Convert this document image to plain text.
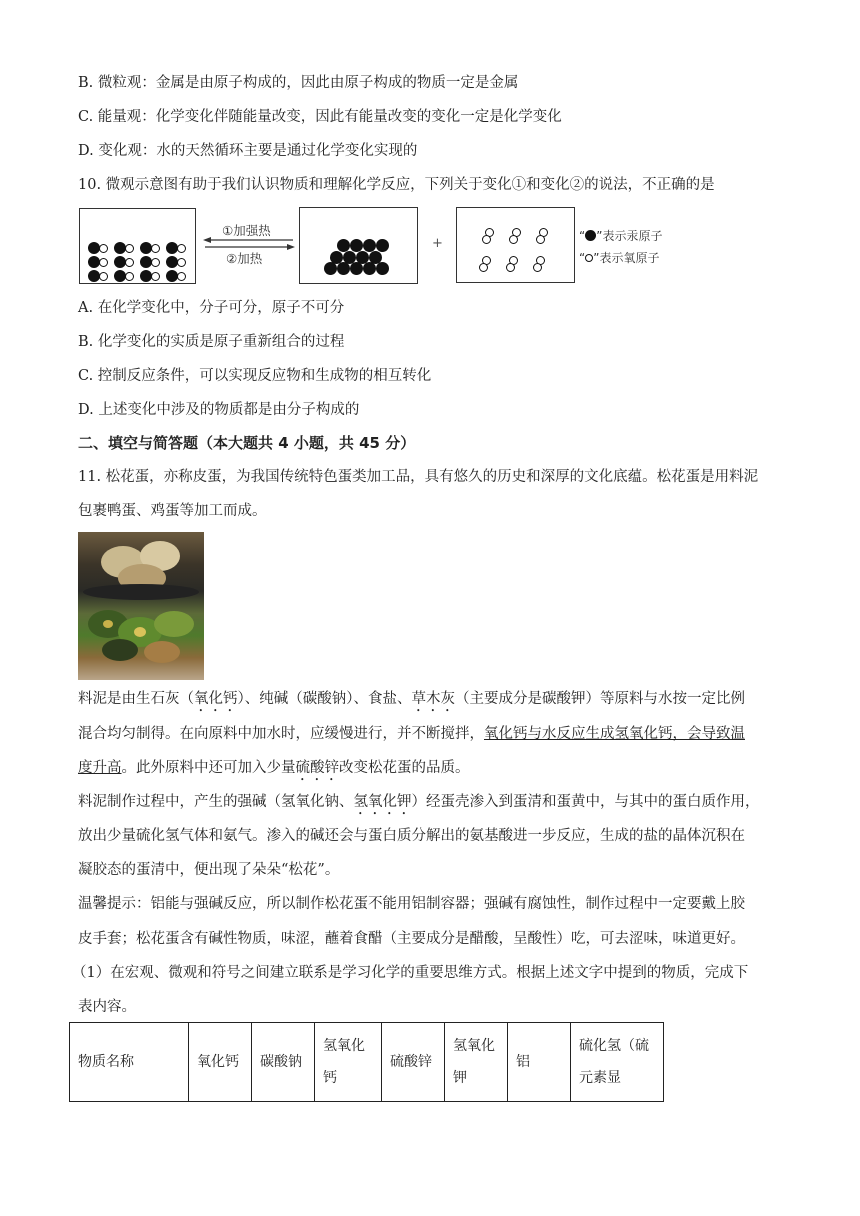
B. 微粒观：金属是由原子构成的，因此由原子构成的物质一定是金属
C. 能量观：化学变化伴随能量改变，因此有能量改变的变化一定是化学变化
D. 变化观：水的天然循环主要是通过化学变化实现的
10. 微观示意图有助于我们认识物质和理解化学反应，下列关于变化①和变化②的说法，不正确的是
①加强热
②加热
+	“ ”表示汞原子
“ ”表示氧原子
A. 在化学变化中，分子可分，原子不可分
B. 化学变化的实质是原子重新组合的过程
C. 控制反应条件，可以实现反应物和生成物的相互转化
D. 上述变化中涉及的物质都是由分子构成的
二、填空与简答题（本大题共 4 小题，共 45 分）
11. 松花蛋，亦称皮蛋，为我国传统特色蛋类加工品，具有悠久的历史和深厚的文化底蕴。松花蛋是用料泥
包裹鸭蛋、鸡蛋等加工而成。
料泥是由生石灰（氧化钙）、纯碱（碳酸钠）、食盐、草木灰（主要成分是碳酸钾）等原料与水按一定比例
混合均匀制得。在向原料中加水时，应缓慢进行，并不断搅拌，氧化钙与水反应生成氢氧化钙，会导致温
度升高。此外原料中还可加入少量硫酸锌改变松花蛋的品质。
料泥制作过程中，产生的强碱（氢氧化钠、氢氧化钾）经蛋壳渗入到蛋清和蛋黄中，与其中的蛋白质作用，
放出少量硫化氢气体和氨气。渗入的碱还会与蛋白质分解出的氨基酸进一步反应，生成的盐的晶体沉积在
凝胶态的蛋清中，便出现了朵朵“松花”。
温馨提示：铝能与强碱反应，所以制作松花蛋不能用铝制容器；强碱有腐蚀性，制作过程中一定要戴上胶
皮手套；松花蛋含有碱性物质，味涩，蘸着食醋（主要成分是醋酸，呈酸性）吃，可去涩味，味道更好。
（1）在宏观、微观和符号之间建立联系是学习化学的重要思维方式。根据上述文字中提到的物质，完成下
表内容。
物质名称	氧化钙	碳酸钠	氢氧化钙	硫酸锌	氢氧化钾	铝	硫化氢（硫元素显
